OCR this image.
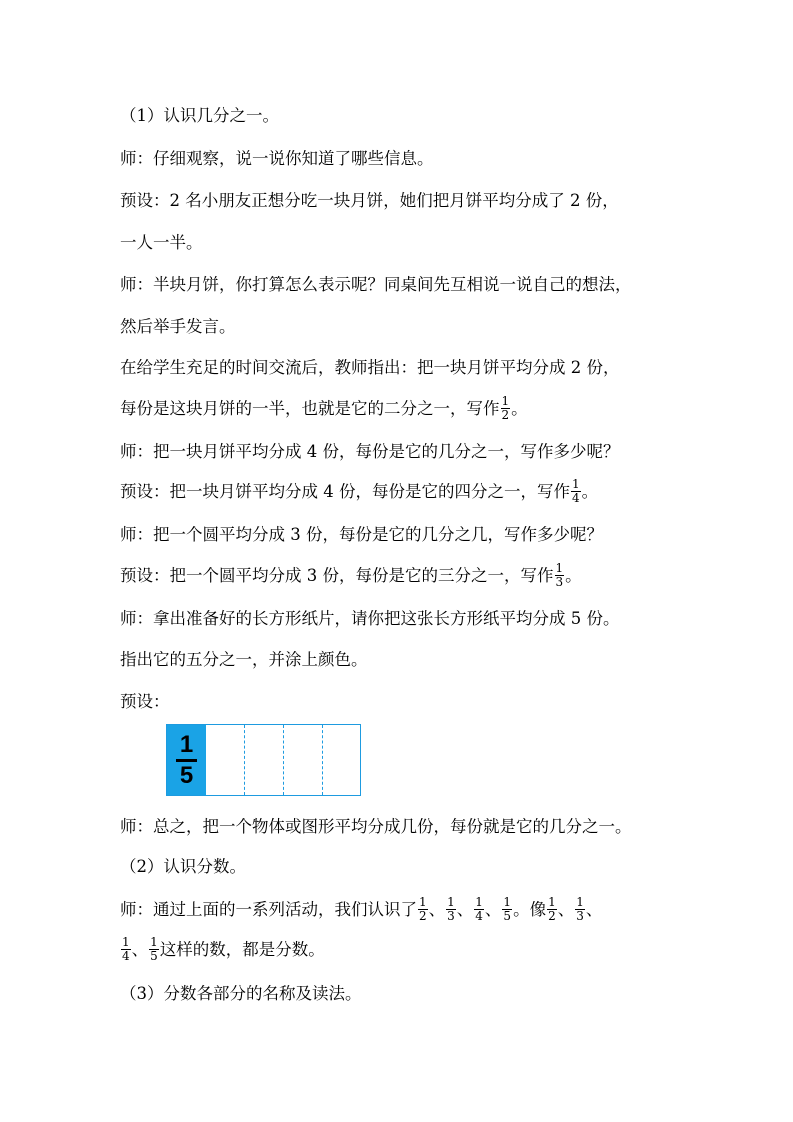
（1）认识几分之一。
师：仔细观察，说一说你知道了哪些信息。
预设：2 名小朋友正想分吃一块月饼，她们把月饼平均分成了 2 份，
一人一半。
师：半块月饼，你打算怎么表示呢？同桌间先互相说一说自己的想法，
然后举手发言。
在给学生充足的时间交流后，教师指出：把一块月饼平均分成 2 份，
每份是这块月饼的一半，也就是它的二分之一，写作 $\frac{1}{2}$ 。
师：把一块月饼平均分成 4 份，每份是它的几分之一，写作多少呢？
预设：把一块月饼平均分成 4 份，每份是它的四分之一，写作 $\frac{1}{4}$ 。
师：把一个圆平均分成 3 份，每份是它的几分之几，写作多少呢？
预设：把一个圆平均分成 3 份，每份是它的三分之一，写作 $\frac{1}{3}$ 。
师：拿出准备好的长方形纸片，请你把这张长方形纸平均分成 5 份。
指出它的五分之一，并涂上颜色。
预设：
$\frac{1}{5}$
师：总之，把一个物体或图形平均分成几份，每份就是它的几分之一。
（2）认识分数。
师：通过上面的一系列活动，我们认识了 $\frac{1}{2}$ 、 $\frac{1}{3}$ 、 $\frac{1}{4}$ 、 $\frac{1}{5}$ 。像 $\frac{1}{2}$ 、 $\frac{1}{3}$ 、
$\frac{1}{4}$ 、 $\frac{1}{5}$ 这样的数，都是分数。
（3）分数各部分的名称及读法。
